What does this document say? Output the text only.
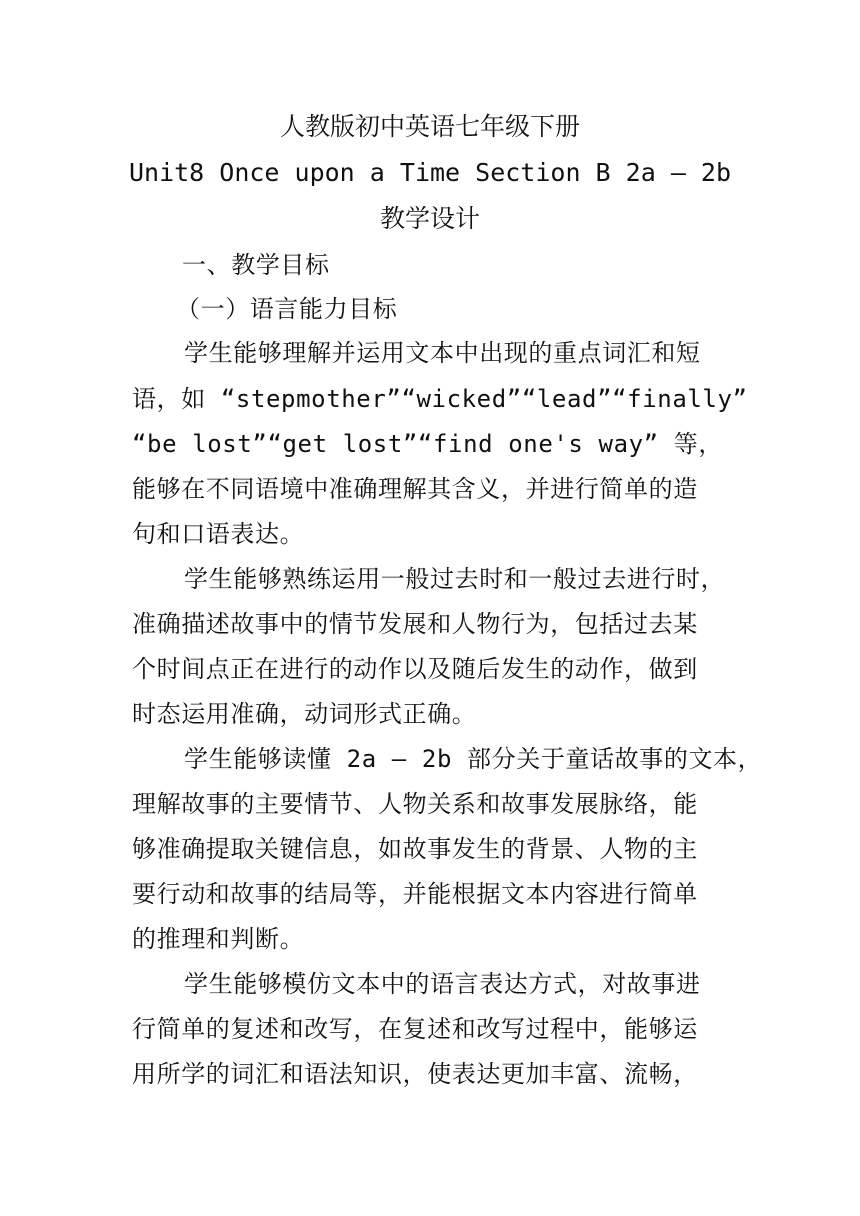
人教版初中英语七年级下册
Unit8 Once upon a Time Section B 2a – 2b
教学设计
一、教学目标
（一）语言能力目标
学生能够理解并运用文本中出现的重点词汇和短
语，如 “stepmother”“wicked”“lead”“finally”
“be lost”“get lost”“find one's way” 等，
能够在不同语境中准确理解其含义，并进行简单的造
句和口语表达。
学生能够熟练运用一般过去时和一般过去进行时，
准确描述故事中的情节发展和人物行为，包括过去某
个时间点正在进行的动作以及随后发生的动作，做到
时态运用准确，动词形式正确。
学生能够读懂 2a – 2b 部分关于童话故事的文本，
理解故事的主要情节、人物关系和故事发展脉络，能
够准确提取关键信息，如故事发生的背景、人物的主
要行动和故事的结局等，并能根据文本内容进行简单
的推理和判断。
学生能够模仿文本中的语言表达方式，对故事进
行简单的复述和改写，在复述和改写过程中，能够运
用所学的词汇和语法知识，使表达更加丰富、流畅，
